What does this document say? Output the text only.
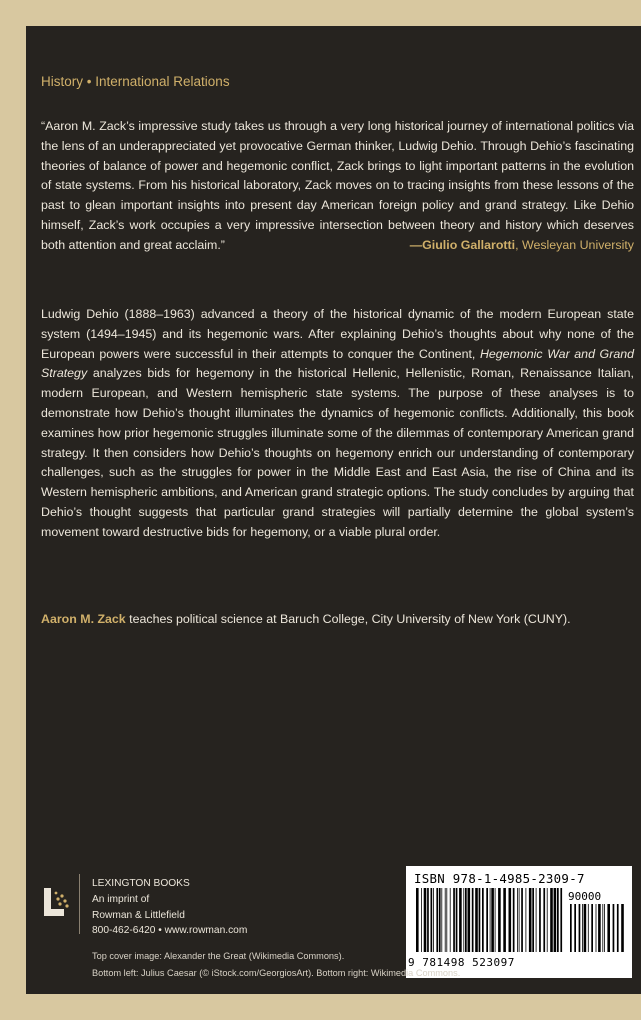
History • International Relations

“Aaron M. Zack’s impressive study takes us through a very long historical journey of international politics via the lens of an underappreciated yet provocative German thinker, Ludwig Dehio. Through Dehio’s fascinating theories of balance of power and hegemonic conflict, Zack brings to light important patterns in the evolution of state systems. From his historical laboratory, Zack moves on to tracing insights from these lessons of the past to glean important insights into present day American foreign policy and grand strategy. Like Dehio himself, Zack’s work occupies a very impressive intersection between theory and history which deserves both attention and great acclaim.”	—Giulio Gallarotti, Wesleyan University

Ludwig Dehio (1888–1963) advanced a theory of the historical dynamic of the modern European state system (1494–1945) and its hegemonic wars. After explaining Dehio’s thoughts about why none of the European powers were successful in their attempts to conquer the Continent, Hegemonic War and Grand Strategy analyzes bids for hegemony in the historical Hellenic, Hellenistic, Roman, Renaissance Italian, modern European, and Western hemispheric state systems. The purpose of these analyses is to demonstrate how Dehio’s thought illuminates the dynamics of hegemonic conflicts. Additionally, this book examines how prior hegemonic struggles illuminate some of the dilemmas of contemporary American grand strategy. It then considers how Dehio’s thoughts on hegemony enrich our understanding of contemporary challenges, such as the struggles for power in the Middle East and East Asia, the rise of China and its Western hemispheric ambitions, and American grand strategic options. The study concludes by arguing that Dehio’s thought suggests that particular grand strategies will partially determine the global system’s movement toward destructive bids for hegemony, or a viable plural order.

Aaron M. Zack teaches political science at Baruch College, City University of New York (CUNY).

LEXINGTON BOOKS
An imprint of
Rowman & Littlefield
800-462-6420 • www.rowman.com
ISBN 978-1-4985-2309-7
90000
9 781498 523097
Top cover image: Alexander the Great (Wikimedia Commons).
Bottom left: Julius Caesar (© iStock.com/GeorgiosArt). Bottom right: Wikimedia Commons.
